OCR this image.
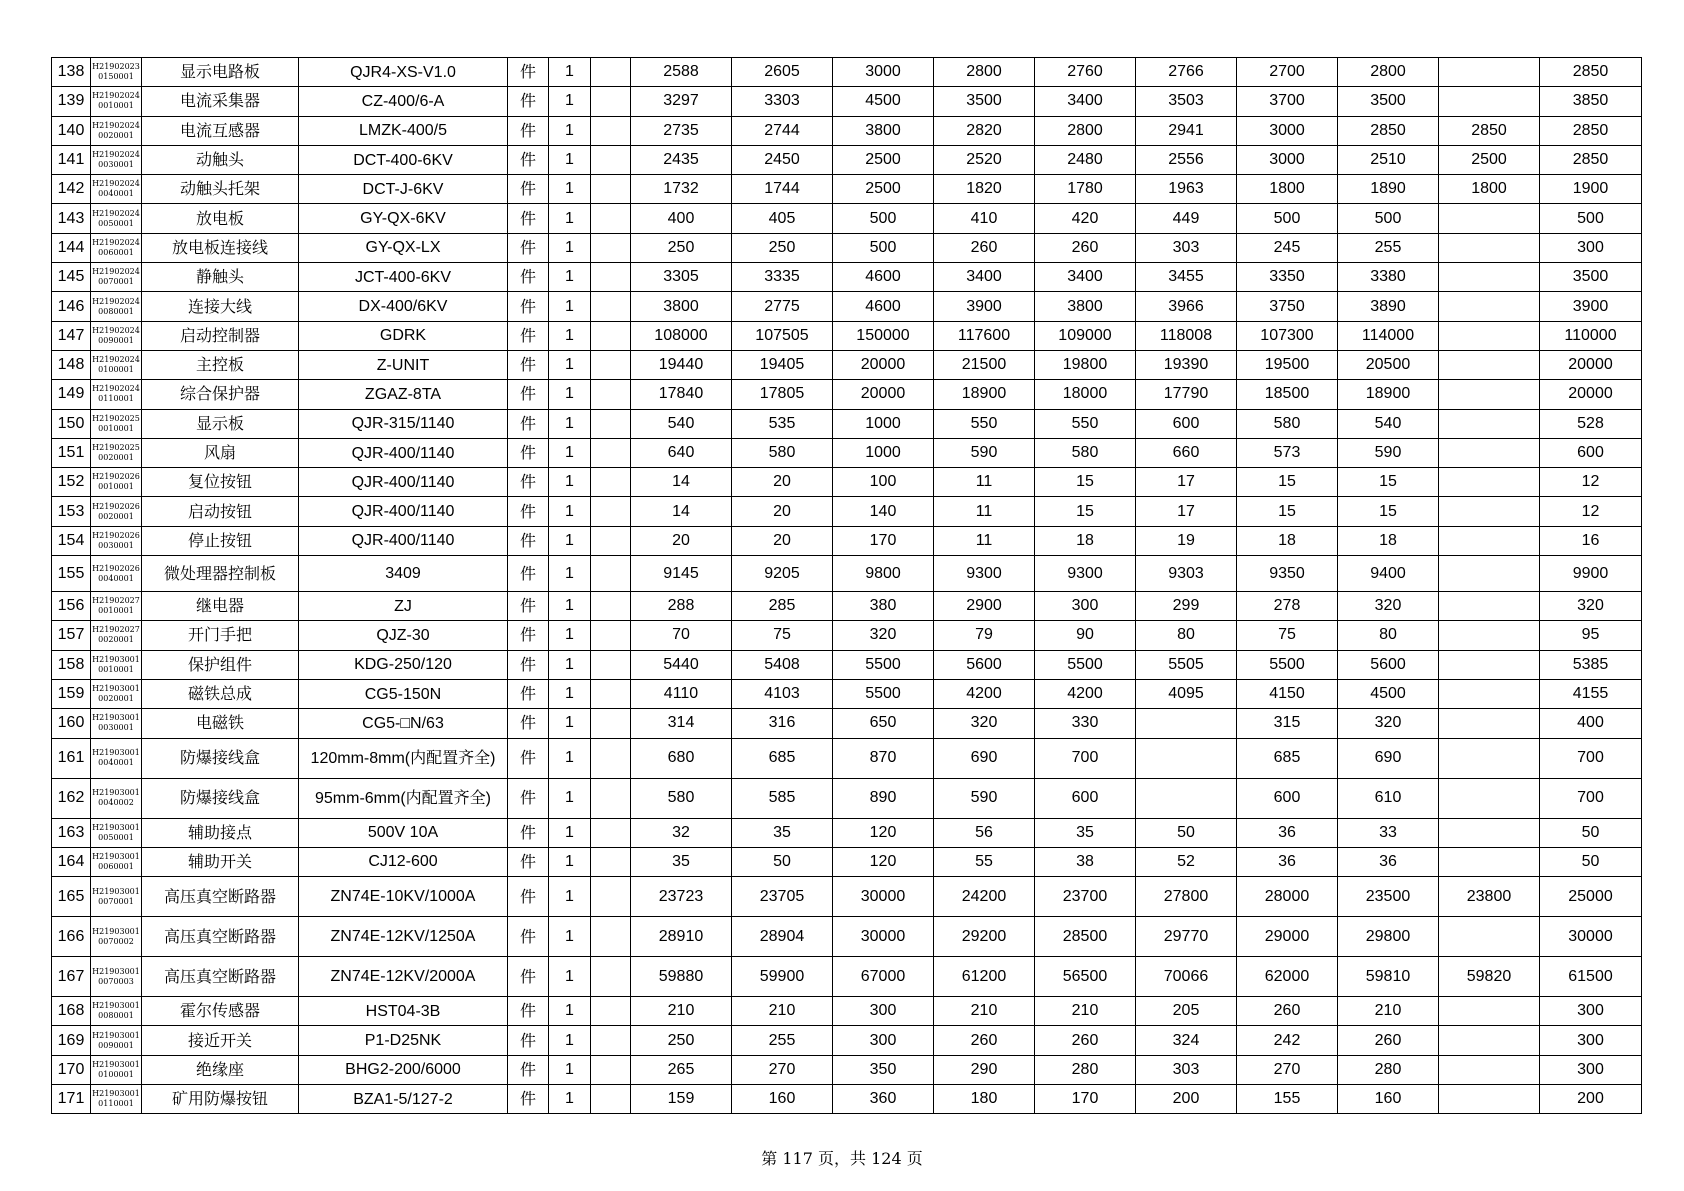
138	H21902023 0150001	显示电路板	QJR4-XS-V1.0	件	1		2588	2605	3000	2800	2760	2766	2700	2800		2850
139	H21902024 0010001	电流采集器	CZ-400/6-A	件	1		3297	3303	4500	3500	3400	3503	3700	3500		3850
140	H21902024 0020001	电流互感器	LMZK-400/5	件	1		2735	2744	3800	2820	2800	2941	3000	2850	2850	2850
141	H21902024 0030001	动触头	DCT-400-6KV	件	1		2435	2450	2500	2520	2480	2556	3000	2510	2500	2850
142	H21902024 0040001	动触头托架	DCT-J-6KV	件	1		1732	1744	2500	1820	1780	1963	1800	1890	1800	1900
143	H21902024 0050001	放电板	GY-QX-6KV	件	1		400	405	500	410	420	449	500	500		500
144	H21902024 0060001	放电板连接线	GY-QX-LX	件	1		250	250	500	260	260	303	245	255		300
145	H21902024 0070001	静触头	JCT-400-6KV	件	1		3305	3335	4600	3400	3400	3455	3350	3380		3500
146	H21902024 0080001	连接大线	DX-400/6KV	件	1		3800	2775	4600	3900	3800	3966	3750	3890		3900
147	H21902024 0090001	启动控制器	GDRK	件	1		108000	107505	150000	117600	109000	118008	107300	114000		110000
148	H21902024 0100001	主控板	Z-UNIT	件	1		19440	19405	20000	21500	19800	19390	19500	20500		20000
149	H21902024 0110001	综合保护器	ZGAZ-8TA	件	1		17840	17805	20000	18900	18000	17790	18500	18900		20000
150	H21902025 0010001	显示板	QJR-315/1140	件	1		540	535	1000	550	550	600	580	540		528
151	H21902025 0020001	风扇	QJR-400/1140	件	1		640	580	1000	590	580	660	573	590		600
152	H21902026 0010001	复位按钮	QJR-400/1140	件	1		14	20	100	11	15	17	15	15		12
153	H21902026 0020001	启动按钮	QJR-400/1140	件	1		14	20	140	11	15	17	15	15		12
154	H21902026 0030001	停止按钮	QJR-400/1140	件	1		20	20	170	11	18	19	18	18		16
155	H21902026 0040001	微处理器控制板	3409	件	1		9145	9205	9800	9300	9300	9303	9350	9400		9900
156	H21902027 0010001	继电器	ZJ	件	1		288	285	380	2900	300	299	278	320		320
157	H21902027 0020001	开门手把	QJZ-30	件	1		70	75	320	79	90	80	75	80		95
158	H21903001 0010001	保护组件	KDG-250/120	件	1		5440	5408	5500	5600	5500	5505	5500	5600		5385
159	H21903001 0020001	磁铁总成	CG5-150N	件	1		4110	4103	5500	4200	4200	4095	4150	4500		4155
160	H21903001 0030001	电磁铁	CG5-□N/63	件	1		314	316	650	320	330		315	320		400
161	H21903001 0040001	防爆接线盒	120mm-8mm(内配置齐全)	件	1		680	685	870	690	700		685	690		700
162	H21903001 0040002	防爆接线盒	95mm-6mm(内配置齐全)	件	1		580	585	890	590	600		600	610		700
163	H21903001 0050001	辅助接点	500V 10A	件	1		32	35	120	56	35	50	36	33		50
164	H21903001 0060001	辅助开关	CJ12-600	件	1		35	50	120	55	38	52	36	36		50
165	H21903001 0070001	高压真空断路器	ZN74E-10KV/1000A	件	1		23723	23705	30000	24200	23700	27800	28000	23500	23800	25000
166	H21903001 0070002	高压真空断路器	ZN74E-12KV/1250A	件	1		28910	28904	30000	29200	28500	29770	29000	29800		30000
167	H21903001 0070003	高压真空断路器	ZN74E-12KV/2000A	件	1		59880	59900	67000	61200	56500	70066	62000	59810	59820	61500
168	H21903001 0080001	霍尔传感器	HST04-3B	件	1		210	210	300	210	210	205	260	210		300
169	H21903001 0090001	接近开关	P1-D25NK	件	1		250	255	300	260	260	324	242	260		300
170	H21903001 0100001	绝缘座	BHG2-200/6000	件	1		265	270	350	290	280	303	270	280		300
171	H21903001 0110001	矿用防爆按钮	BZA1-5/127-2	件	1		159	160	360	180	170	200	155	160		200
第 117 页，共 124 页
